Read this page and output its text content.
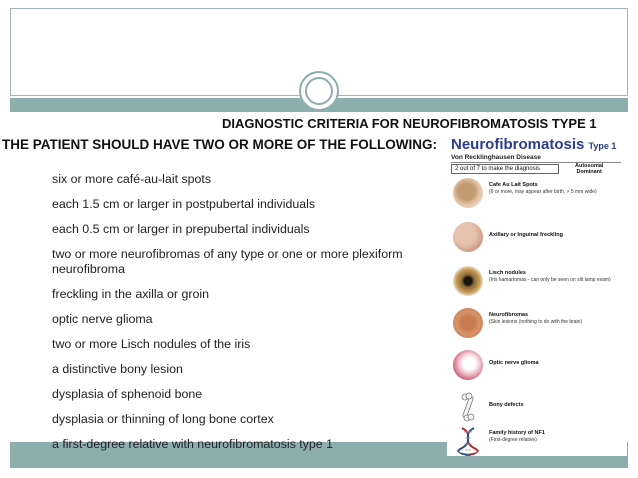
DIAGNOSTIC CRITERIA FOR NEUROFIBROMATOSIS TYPE 1
THE PATIENT SHOULD HAVE TWO OR MORE OF THE FOLLOWING:
six or more café-au-lait spots
each 1.5 cm or larger in postpubertal individuals
each 0.5 cm or larger in prepubertal individuals
two or more neurofibromas of any type or one or more plexiform neurofibroma
freckling in the axilla or groin
optic nerve glioma
two or more Lisch nodules of the iris
a distinctive bony lesion
dysplasia of sphenoid bone
dysplasia or thinning of long bone cortex
a first-degree relative with neurofibromatosis type 1
Neurofibromatosis Type 1
Von Recklinghausen Disease
2 out of 7 to make the diagnosis	Autosomal
Dominant
Cafe Au Lait Spots
(6 or more, may appear after birth, > 5 mm wide)
Axillary or Inguinal freckling
Lisch nodules
(Iris hamartomas - can only be seen on slit lamp exam)
Neurofibromas
(Skin lesions (nothing to do with the brain)
Optic nerve glioma
Bony defects
Family history of NF1
(First-degree relative)
